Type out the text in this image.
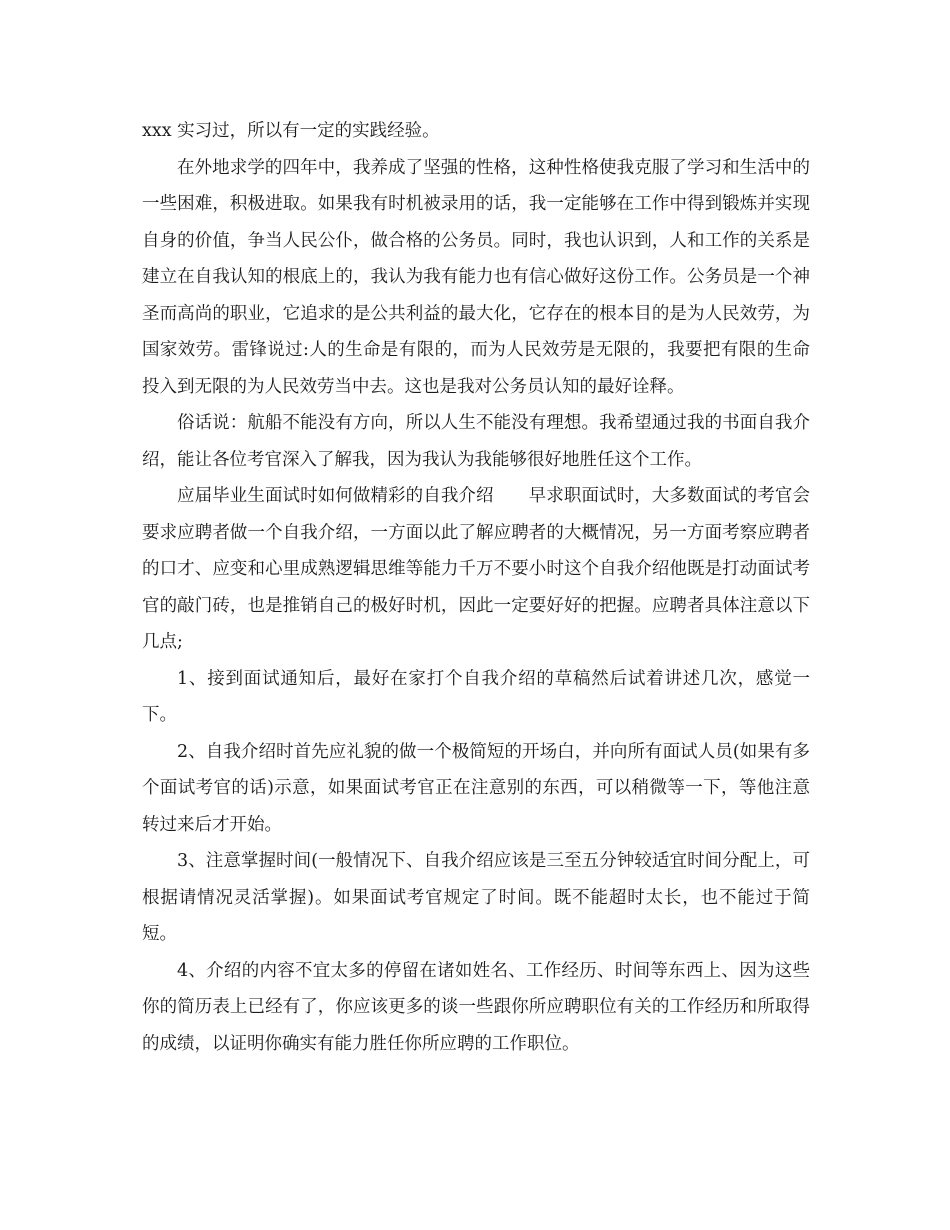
xxx 实习过，所以有一定的实践经验。

在外地求学的四年中，我养成了坚强的性格，这种性格使我克服了学习和生活中的一些困难，积极进取。如果我有时机被录用的话，我一定能够在工作中得到锻炼并实现自身的价值，争当人民公仆，做合格的公务员。同时，我也认识到，人和工作的关系是建立在自我认知的根底上的，我认为我有能力也有信心做好这份工作。公务员是一个神圣而高尚的职业，它追求的是公共利益的最大化，它存在的根本目的是为人民效劳，为国家效劳。雷锋说过:人的生命是有限的，而为人民效劳是无限的，我要把有限的生命投入到无限的为人民效劳当中去。这也是我对公务员认知的最好诠释。

俗话说：航船不能没有方向，所以人生不能没有理想。我希望通过我的书面自我介绍，能让各位考官深入了解我，因为我认为我能够很好地胜任这个工作。

应届毕业生面试时如何做精彩的自我介绍 早求职面试时，大多数面试的考官会要求应聘者做一个自我介绍，一方面以此了解应聘者的大概情况，另一方面考察应聘者的口才、应变和心里成熟逻辑思维等能力千万不要小时这个自我介绍他既是打动面试考官的敲门砖，也是推销自己的极好时机，因此一定要好好的把握。应聘者具体注意以下几点;

1、接到面试通知后，最好在家打个自我介绍的草稿然后试着讲述几次，感觉一下。

2、自我介绍时首先应礼貌的做一个极简短的开场白，并向所有面试人员(如果有多个面试考官的话)示意，如果面试考官正在注意别的东西，可以稍微等一下，等他注意转过来后才开始。

3、注意掌握时间(一般情况下、自我介绍应该是三至五分钟较适宜时间分配上，可根据请情况灵活掌握)。如果面试考官规定了时间。既不能超时太长，也不能过于简短。

4、介绍的内容不宜太多的停留在诸如姓名、工作经历、时间等东西上、因为这些你的简历表上已经有了，你应该更多的谈一些跟你所应聘职位有关的工作经历和所取得的成绩，以证明你确实有能力胜任你所应聘的工作职位。
